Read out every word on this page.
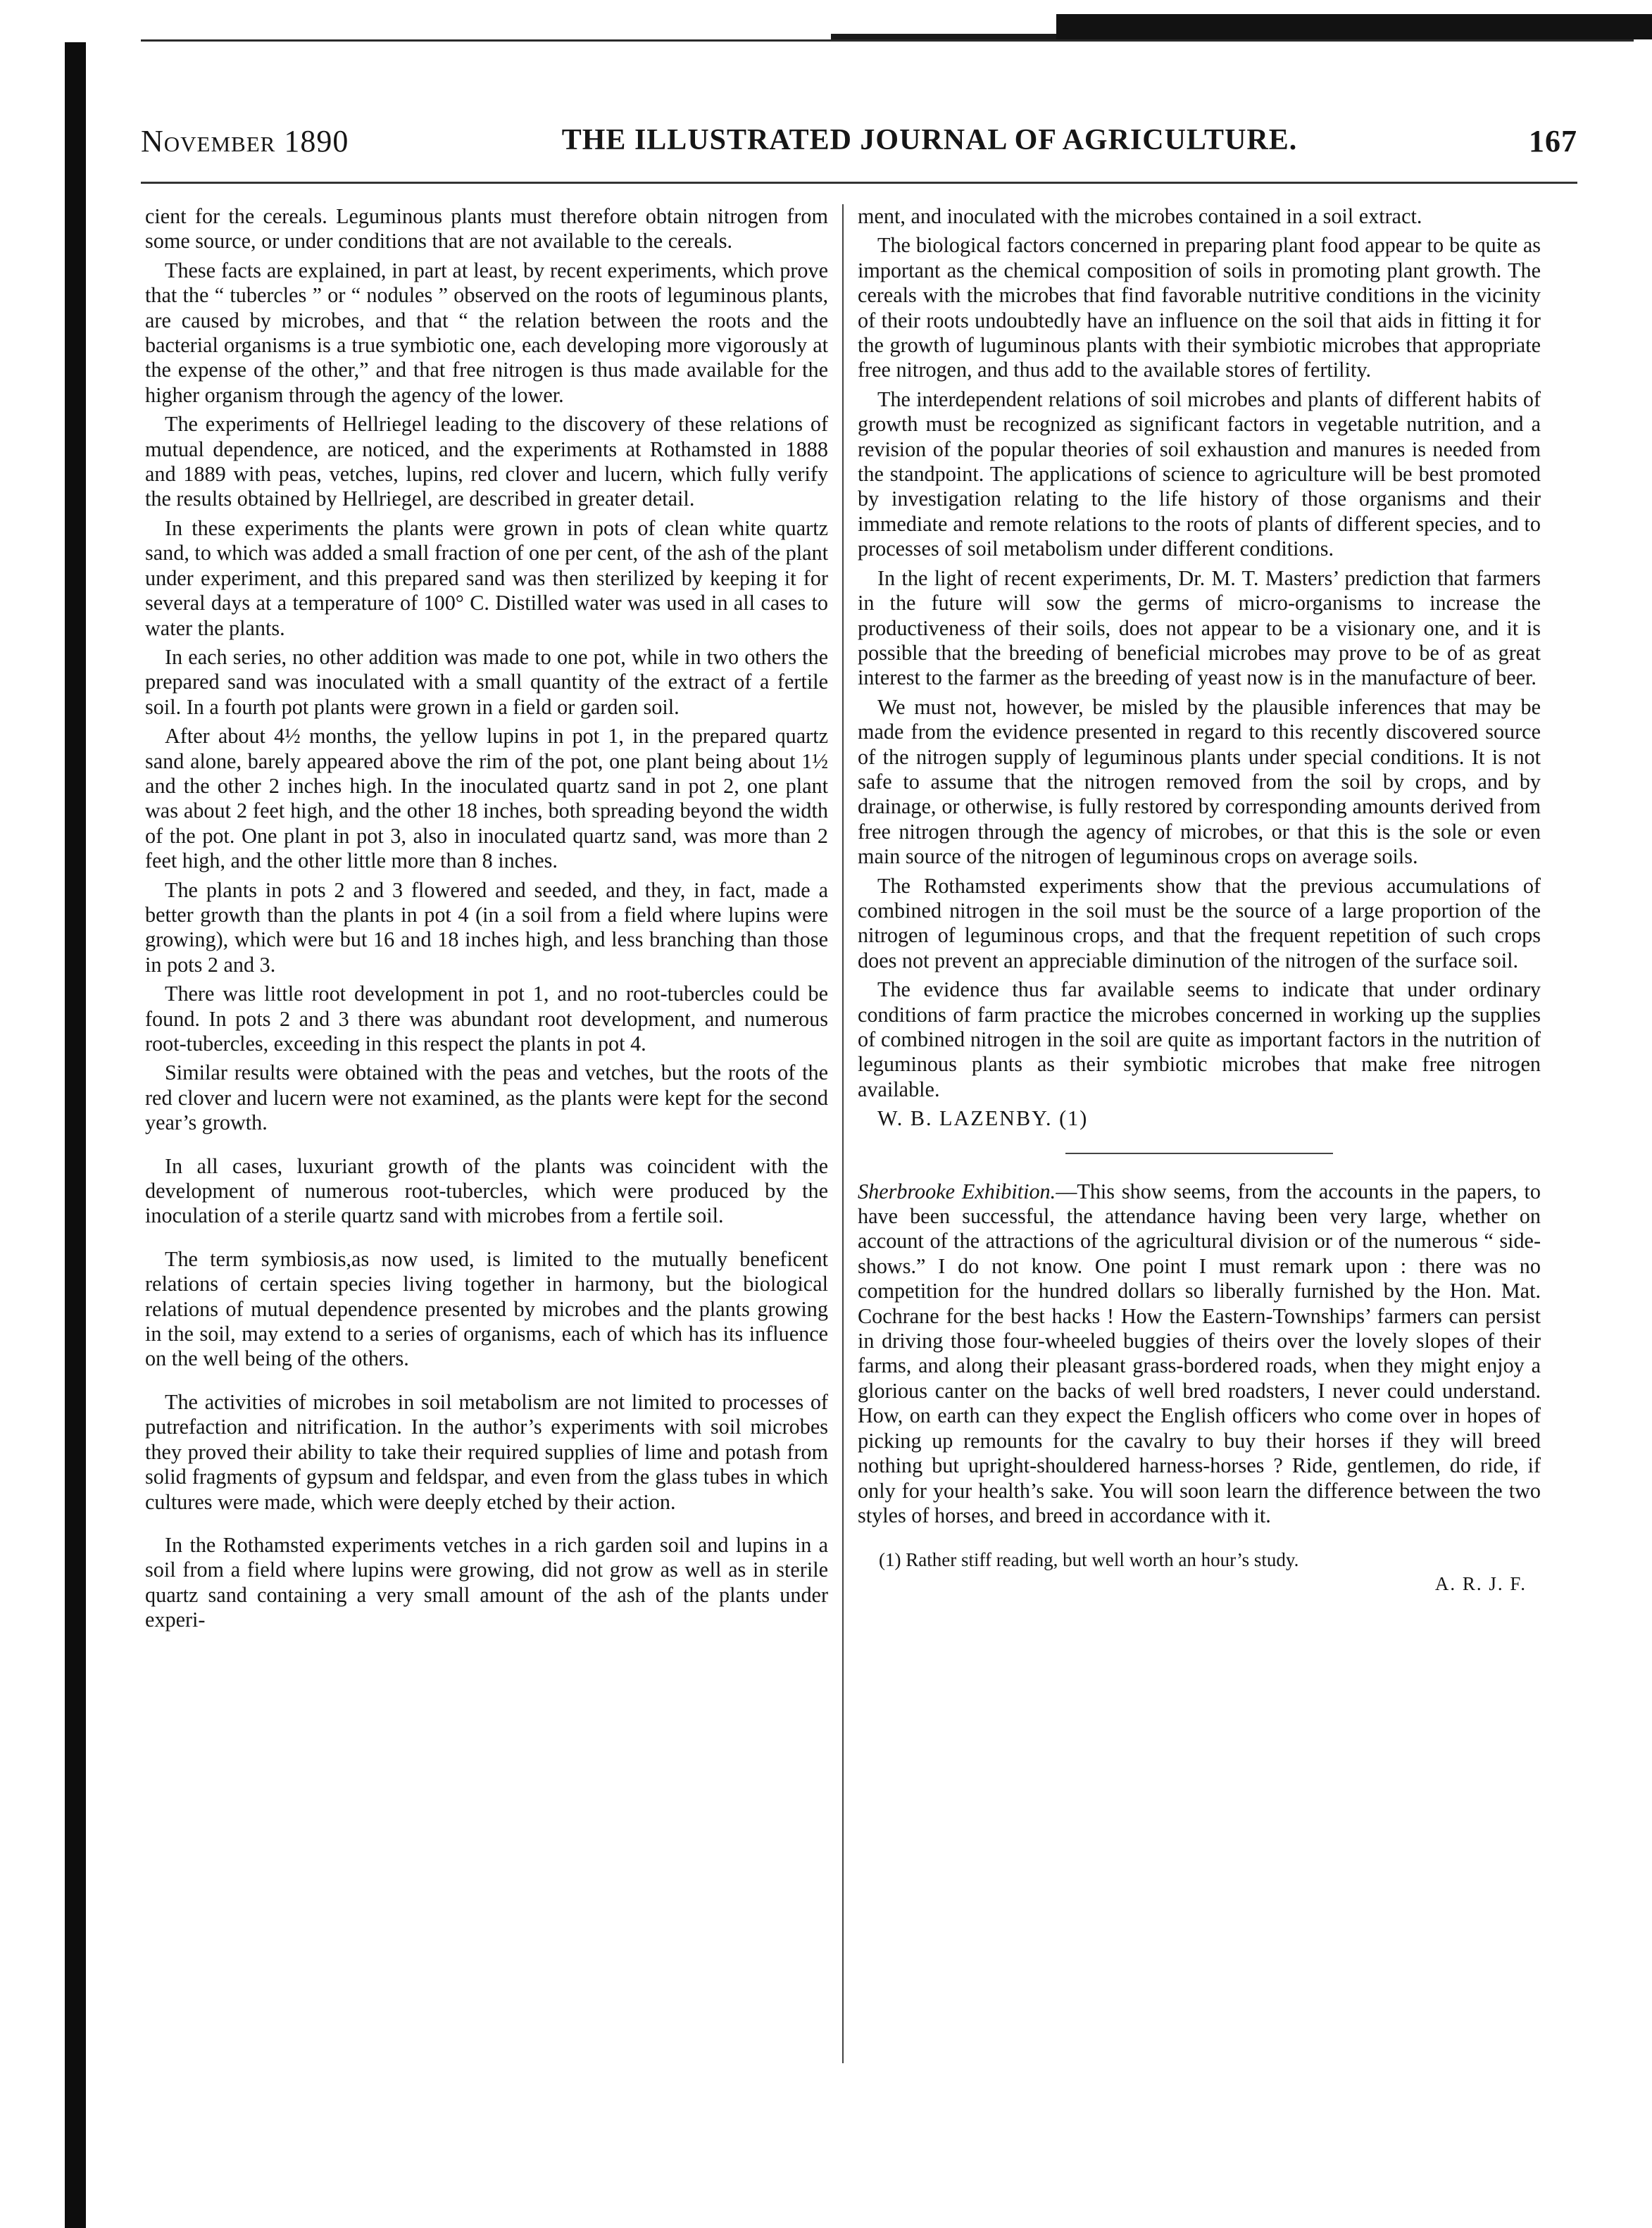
November 1890	THE ILLUSTRATED JOURNAL OF AGRICULTURE.	167

cient for the cereals. Leguminous plants must therefore obtain nitrogen from some source, or under conditions that are not available to the cereals.

These facts are explained, in part at least, by recent experiments, which prove that the “ tubercles ” or “ nodules ” observed on the roots of leguminous plants, are caused by microbes, and that “ the relation between the roots and the bacterial organisms is a true symbiotic one, each developing more vigorously at the expense of the other,” and that free nitrogen is thus made available for the higher organism through the agency of the lower.

The experiments of Hellriegel leading to the discovery of these relations of mutual dependence, are noticed, and the experiments at Rothamsted in 1888 and 1889 with peas, vetches, lupins, red clover and lucern, which fully verify the results obtained by Hellriegel, are described in greater detail.

In these experiments the plants were grown in pots of clean white quartz sand, to which was added a small fraction of one per cent, of the ash of the plant under experiment, and this prepared sand was then sterilized by keeping it for several days at a temperature of 100° C. Distilled water was used in all cases to water the plants.

In each series, no other addition was made to one pot, while in two others the prepared sand was inoculated with a small quantity of the extract of a fertile soil. In a fourth pot plants were grown in a field or garden soil.

After about 4½ months, the yellow lupins in pot 1, in the prepared quartz sand alone, barely appeared above the rim of the pot, one plant being about 1½ and the other 2 inches high. In the inoculated quartz sand in pot 2, one plant was about 2 feet high, and the other 18 inches, both spreading beyond the width of the pot. One plant in pot 3, also in inoculated quartz sand, was more than 2 feet high, and the other little more than 8 inches.

The plants in pots 2 and 3 flowered and seeded, and they, in fact, made a better growth than the plants in pot 4 (in a soil from a field where lupins were growing), which were but 16 and 18 inches high, and less branching than those in pots 2 and 3.

There was little root development in pot 1, and no root-tubercles could be found. In pots 2 and 3 there was abundant root development, and numerous root-tubercles, exceeding in this respect the plants in pot 4.

Similar results were obtained with the peas and vetches, but the roots of the red clover and lucern were not examined, as the plants were kept for the second year’s growth.

In all cases, luxuriant growth of the plants was coincident with the development of numerous root-tubercles, which were produced by the inoculation of a sterile quartz sand with microbes from a fertile soil.

The term symbiosis,as now used, is limited to the mutually beneficent relations of certain species living together in harmony, but the biological relations of mutual dependence presented by microbes and the plants growing in the soil, may extend to a series of organisms, each of which has its influence on the well being of the others.

The activities of microbes in soil metabolism are not limited to processes of putrefaction and nitrification. In the author’s experiments with soil microbes they proved their ability to take their required supplies of lime and potash from solid fragments of gypsum and feldspar, and even from the glass tubes in which cultures were made, which were deeply etched by their action.

In the Rothamsted experiments vetches in a rich garden soil and lupins in a soil from a field where lupins were growing, did not grow as well as in sterile quartz sand containing a very small amount of the ash of the plants under experi-

ment, and inoculated with the microbes contained in a soil extract.

The biological factors concerned in preparing plant food appear to be quite as important as the chemical composition of soils in promoting plant growth. The cereals with the microbes that find favorable nutritive conditions in the vicinity of their roots undoubtedly have an influence on the soil that aids in fitting it for the growth of luguminous plants with their symbiotic microbes that appropriate free nitrogen, and thus add to the available stores of fertility.

The interdependent relations of soil microbes and plants of different habits of growth must be recognized as significant factors in vegetable nutrition, and a revision of the popular theories of soil exhaustion and manures is needed from the standpoint. The applications of science to agriculture will be best promoted by investigation relating to the life history of those organisms and their immediate and remote relations to the roots of plants of different species, and to processes of soil metabolism under different conditions.

In the light of recent experiments, Dr. M. T. Masters’ prediction that farmers in the future will sow the germs of micro-organisms to increase the productiveness of their soils, does not appear to be a visionary one, and it is possible that the breeding of beneficial microbes may prove to be of as great interest to the farmer as the breeding of yeast now is in the manufacture of beer.

We must not, however, be misled by the plausible inferences that may be made from the evidence presented in regard to this recently discovered source of the nitrogen supply of leguminous plants under special conditions. It is not safe to assume that the nitrogen removed from the soil by crops, and by drainage, or otherwise, is fully restored by corresponding amounts derived from free nitrogen through the agency of microbes, or that this is the sole or even main source of the nitrogen of leguminous crops on average soils.

The Rothamsted experiments show that the previous accumulations of combined nitrogen in the soil must be the source of a large proportion of the nitrogen of leguminous crops, and that the frequent repetition of such crops does not prevent an appreciable diminution of the nitrogen of the surface soil.

The evidence thus far available seems to indicate that under ordinary conditions of farm practice the microbes concerned in working up the supplies of combined nitrogen in the soil are quite as important factors in the nutrition of leguminous plants as their symbiotic microbes that make free nitrogen available.

W. B. LAZENBY. (1)

Sherbrooke Exhibition.—This show seems, from the accounts in the papers, to have been successful, the attendance having been very large, whether on account of the attractions of the agricultural division or of the numerous “ side-shows.” I do not know. One point I must remark upon : there was no competition for the hundred dollars so liberally furnished by the Hon. Mat. Cochrane for the best hacks ! How the Eastern-Townships’ farmers can persist in driving those four-wheeled buggies of theirs over the lovely slopes of their farms, and along their pleasant grass-bordered roads, when they might enjoy a glorious canter on the backs of well bred roadsters, I never could understand. How, on earth can they expect the English officers who come over in hopes of picking up remounts for the cavalry to buy their horses if they will breed nothing but upright-shouldered harness-horses ? Ride, gentlemen, do ride, if only for your health’s sake. You will soon learn the difference between the two styles of horses, and breed in accordance with it.

(1) Rather stiff reading, but well worth an hour’s study.
A. R. J. F.
